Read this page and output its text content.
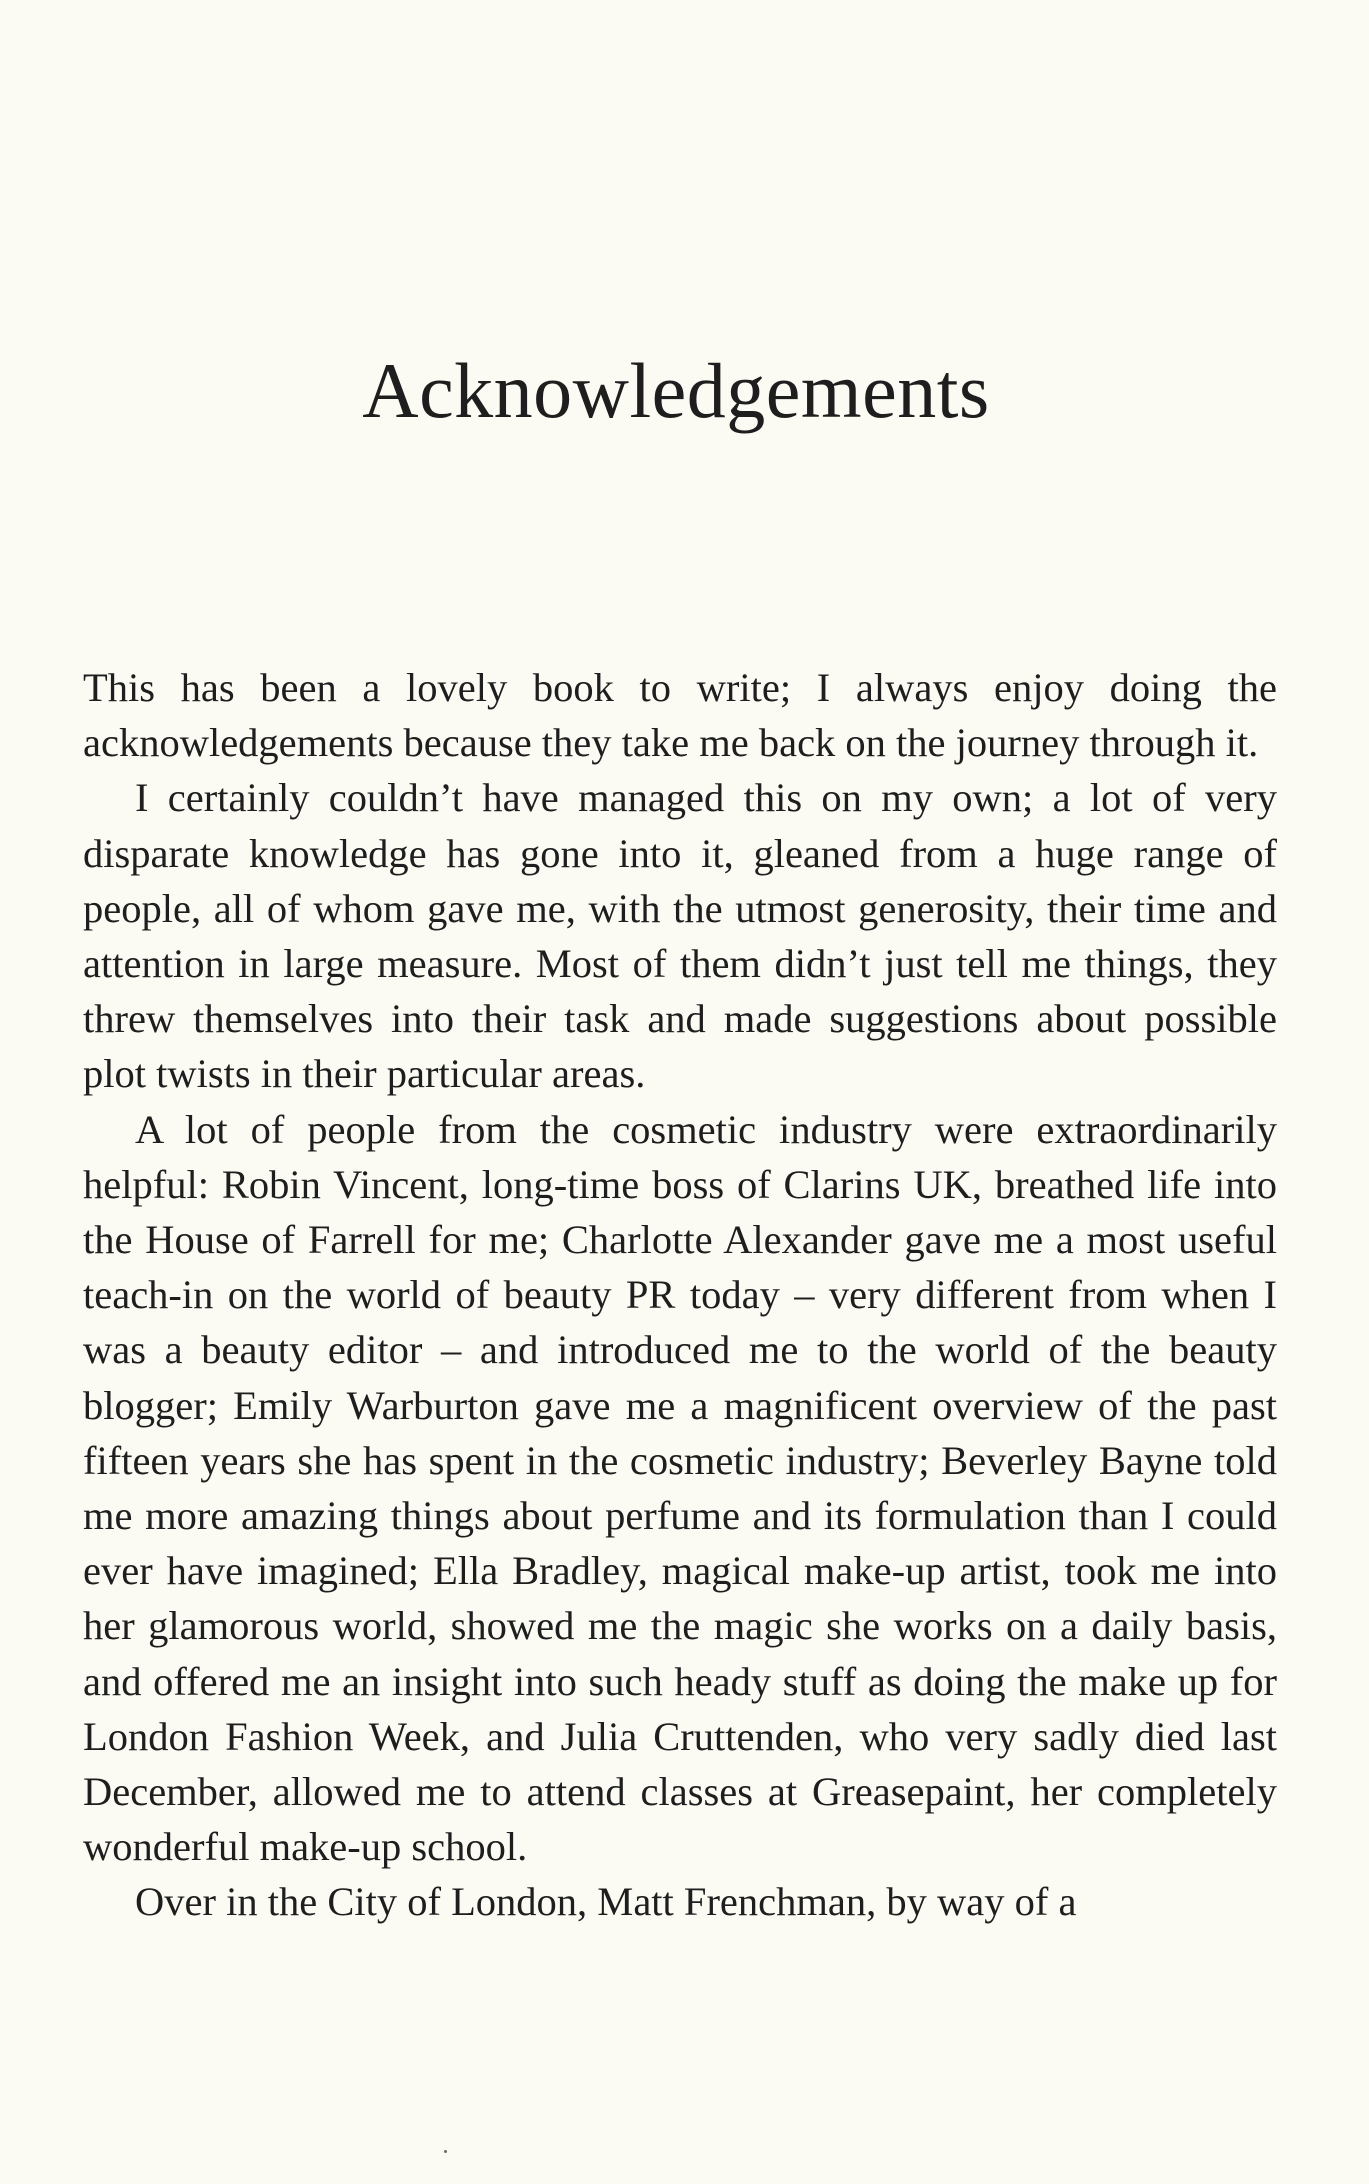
Acknowledgements

This has been a lovely book to write; I always enjoy doing the acknowledgements because they take me back on the journey through it.

I certainly couldn’t have managed this on my own; a lot of very disparate knowledge has gone into it, gleaned from a huge range of people, all of whom gave me, with the utmost generosity, their time and attention in large measure. Most of them didn’t just tell me things, they threw themselves into their task and made suggestions about possible plot twists in their particular areas.

A lot of people from the cosmetic industry were extraordinarily helpful: Robin Vincent, long-time boss of Clarins UK, breathed life into the House of Farrell for me; Charlotte Alexander gave me a most useful teach-in on the world of beauty PR today – very different from when I was a beauty editor – and introduced me to the world of the beauty blogger; Emily Warburton gave me a magnificent overview of the past fifteen years she has spent in the cosmetic industry; Beverley Bayne told me more amazing things about perfume and its formulation than I could ever have imagined; Ella Bradley, magical make-up artist, took me into her glamorous world, showed me the magic she works on a daily basis, and offered me an insight into such heady stuff as doing the make up for London Fashion Week, and Julia Cruttenden, who very sadly died last December, allowed me to attend classes at Greasepaint, her completely wonderful make-up school.

Over in the City of London, Matt Frenchman, by way of a
